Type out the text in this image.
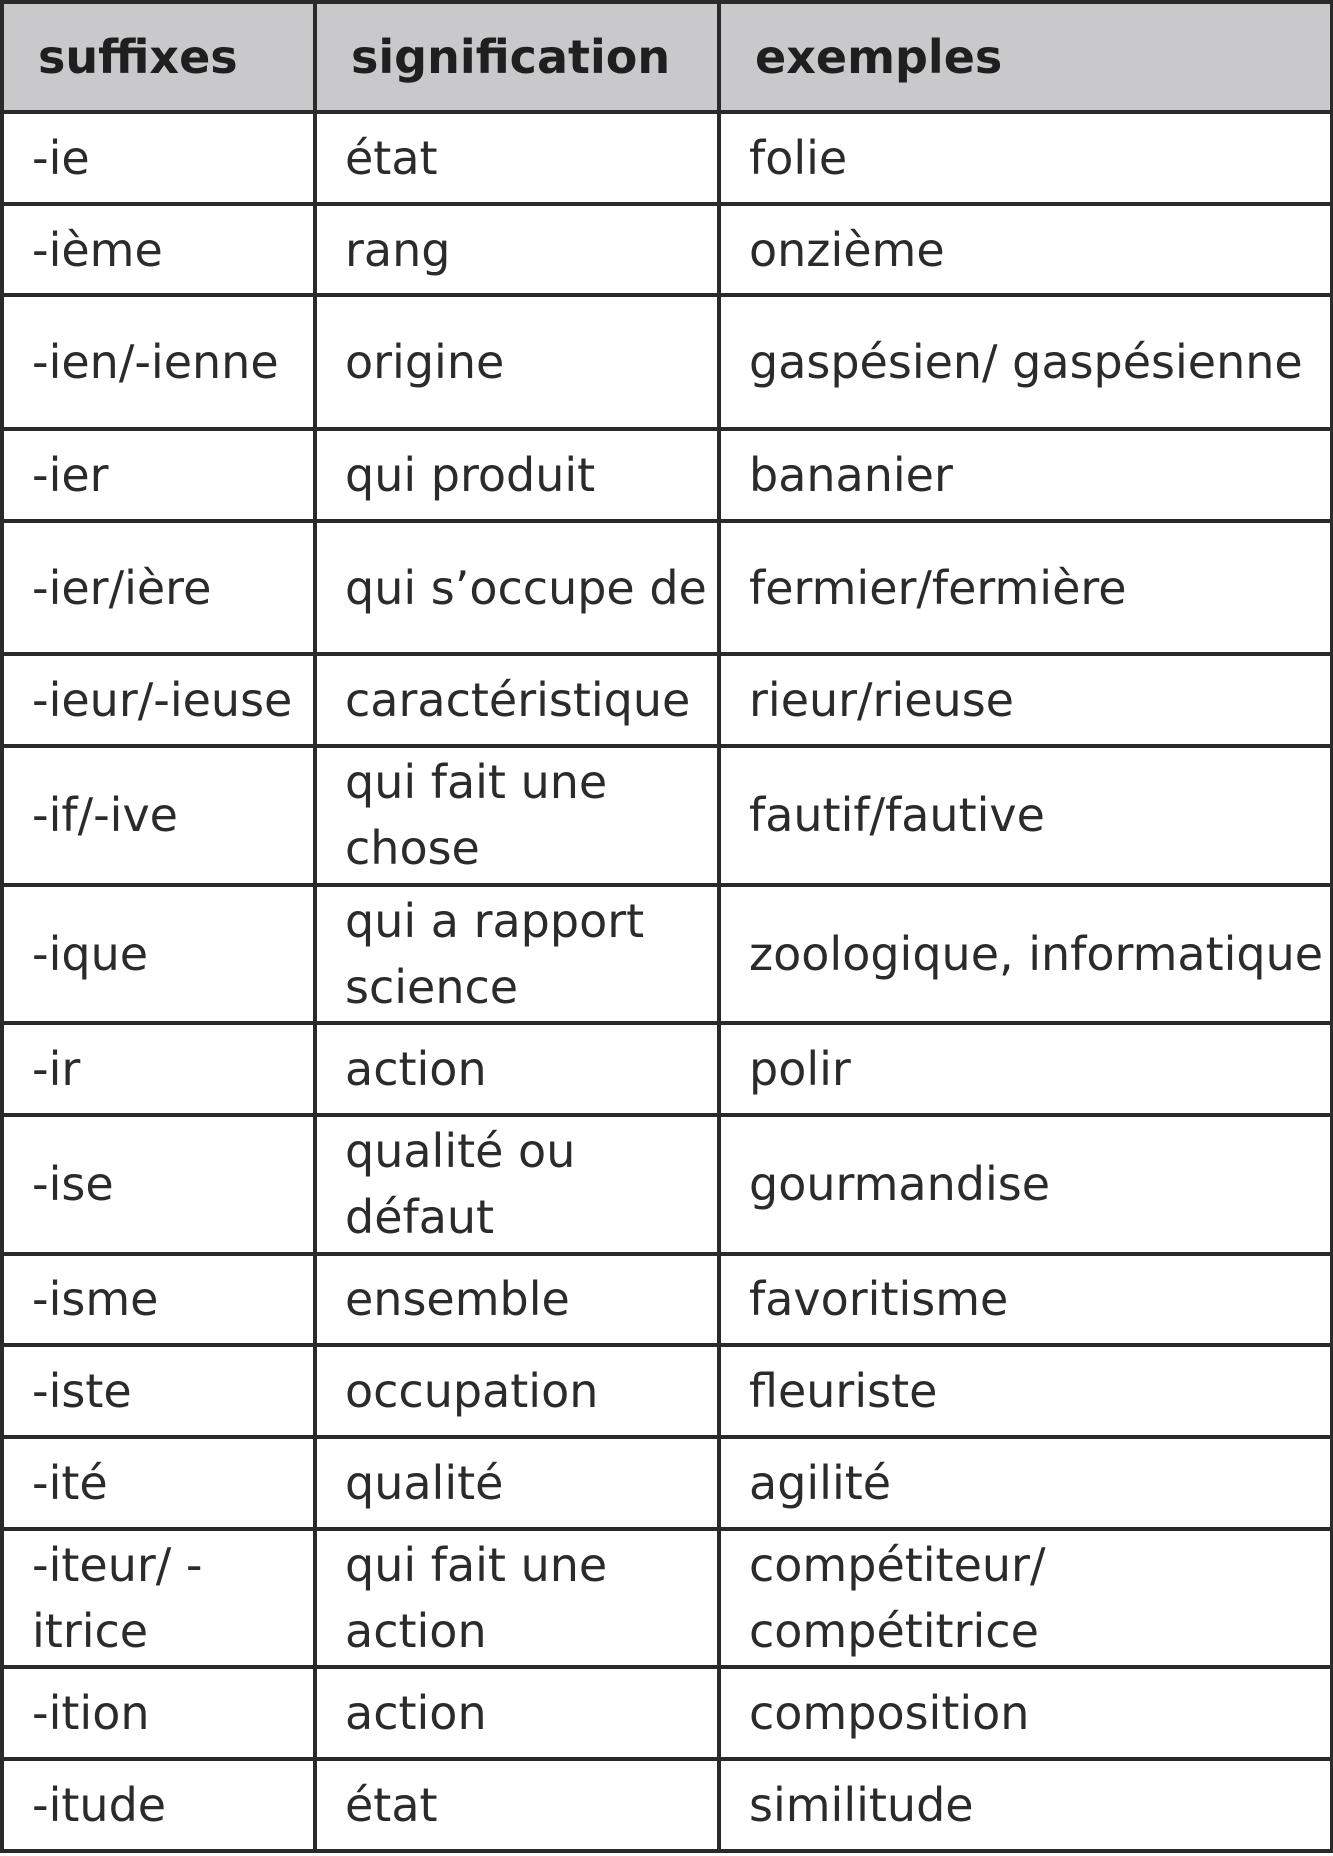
suffixes	signification	exemples
-ie	état	folie
-ième	rang	onzième
-ien/-ienne	origine	gaspésien/ gaspésienne
-ier	qui produit	bananier
-ier/ière	qui s’occupe de	fermier/fermière
-ieur/-ieuse	caractéristique	rieur/rieuse
-if/-ive	qui fait une chose	fautif/fautive
-ique	qui a rapport science	zoologique, informatique
-ir	action	polir
-ise	qualité ou défaut	gourmandise
-isme	ensemble	favoritisme
-iste	occupation	fleuriste
-ité	qualité	agilité
-iteur/ -itrice	qui fait une action	compétiteur/ compétitrice
-ition	action	composition
-itude	état	similitude
